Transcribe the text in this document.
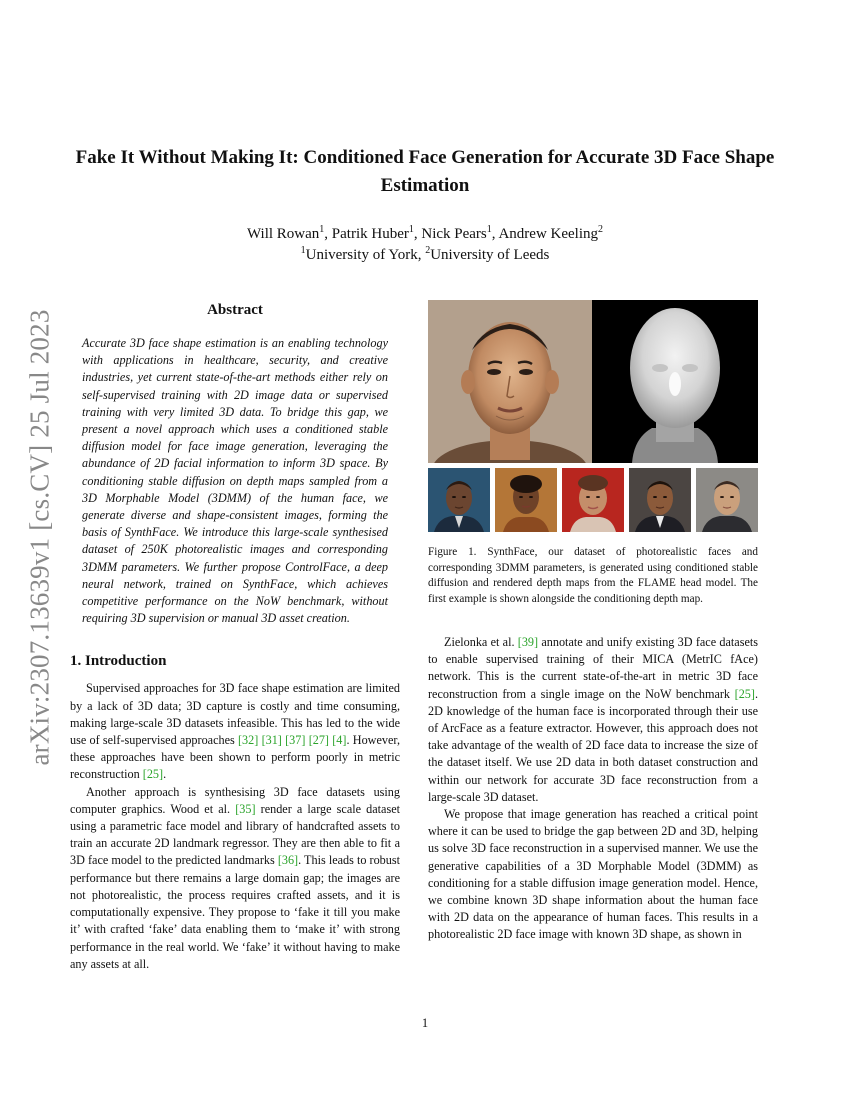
arXiv:2307.13639v1 [cs.CV] 25 Jul 2023
Fake It Without Making It: Conditioned Face Generation for Accurate 3D Face Shape Estimation
Will Rowan$^1$, Patrik Huber$^1$, Nick Pears$^1$, Andrew Keeling$^2$
$^1$University of York, $^2$University of Leeds
Abstract
Accurate 3D face shape estimation is an enabling technology with applications in healthcare, security, and creative industries, yet current state-of-the-art methods either rely on self-supervised training with 2D image data or supervised training with very limited 3D data. To bridge this gap, we present a novel approach which uses a conditioned stable diffusion model for face image generation, leveraging the abundance of 2D facial information to inform 3D space. By conditioning stable diffusion on depth maps sampled from a 3D Morphable Model (3DMM) of the human face, we generate diverse and shape-consistent images, forming the basis of SynthFace. We introduce this large-scale synthesised dataset of 250K photorealistic images and corresponding 3DMM parameters. We further propose ControlFace, a deep neural network, trained on SynthFace, which achieves competitive performance on the NoW benchmark, without requiring 3D supervision or manual 3D asset creation.
1. Introduction

Supervised approaches for 3D face shape estimation are limited by a lack of 3D data; 3D capture is costly and time consuming, making large-scale 3D datasets infeasible. This has led to the wide use of self-supervised approaches [32] [31] [37] [27] [4]. However, these approaches have been shown to perform poorly in metric reconstruction [25].

Another approach is synthesising 3D face datasets using computer graphics. Wood et al. [35] render a large scale dataset using a parametric face model and library of handcrafted assets to train an accurate 2D landmark regressor. They are then able to fit a 3D face model to the predicted landmarks [36]. This leads to robust performance but there remains a large domain gap; the images are not photorealistic, the process requires crafted assets, and it is computationally expensive. They propose to ‘fake it till you make it’ with crafted ‘fake’ data enabling them to ‘make it’ with strong performance in the real world. We ‘fake’ it without having to make any assets at all.

Figure 1. SynthFace, our dataset of photorealistic faces and corresponding 3DMM parameters, is generated using conditioned stable diffusion and rendered depth maps from the FLAME head model. The first example is shown alongside the conditioning depth map.

Zielonka et al. [39] annotate and unify existing 3D face datasets to enable supervised training of their MICA (MetrIC fAce) network. This is the current state-of-the-art in metric 3D face reconstruction from a single image on the NoW benchmark [25]. 2D knowledge of the human face is incorporated through their use of ArcFace as a feature extractor. However, this approach does not take advantage of the wealth of 2D face data to increase the size of the dataset itself. We use 2D data in both dataset construction and within our network for accurate 3D face reconstruction from a large-scale 3D dataset.

We propose that image generation has reached a critical point where it can be used to bridge the gap between 2D and 3D, helping us solve 3D face reconstruction in a supervised manner. We use the generative capabilities of a 3D Morphable Model (3DMM) as conditioning for a stable diffusion image generation model. Hence, we combine known 3D shape information about the human face with 2D data on the appearance of human faces. This results in a photorealistic 2D face image with known 3D shape, as shown in

1
